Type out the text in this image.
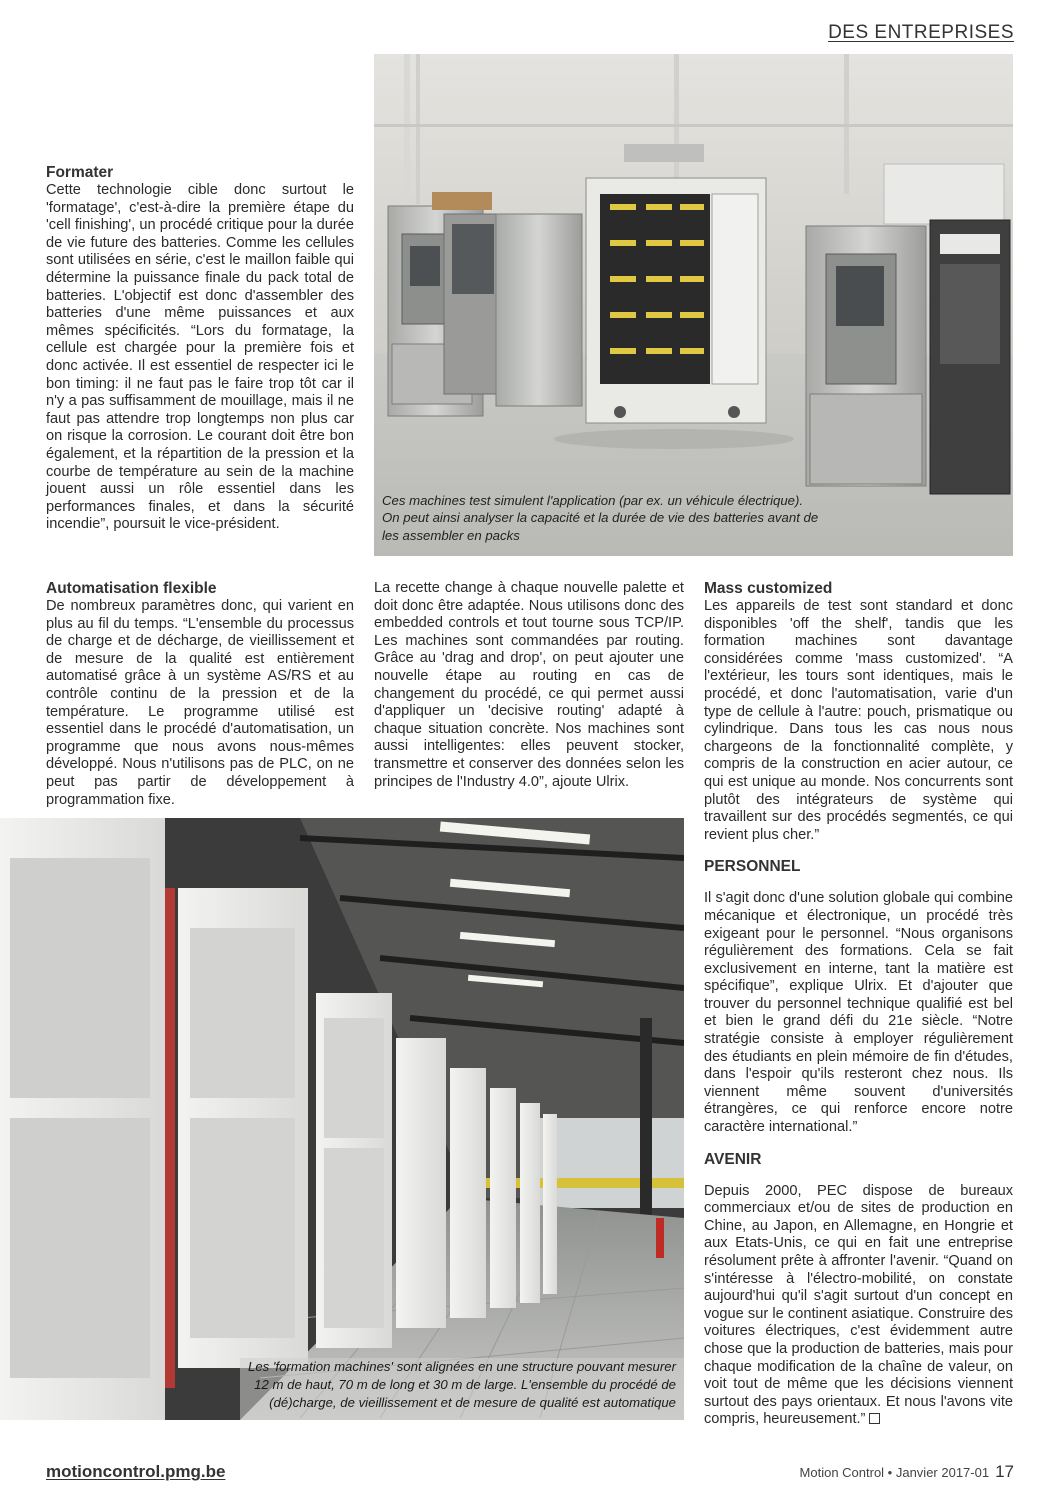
DES ENTREPRISES
Ces machines test simulent l'application (par ex. un véhicule électrique). On peut ainsi analyser la capacité et la durée de vie des batteries avant de les assembler en packs
Formater

Cette technologie cible donc surtout le 'formatage', c'est-à-dire la première étape du 'cell finishing', un procédé critique pour la durée de vie future des batteries. Comme les cellules sont utilisées en série, c'est le maillon faible qui détermine la puissance finale du pack total de batteries. L'objectif est donc d'assembler des batteries d'une même puissances et aux mêmes spécificités. “Lors du formatage, la cellule est chargée pour la première fois et donc activée. Il est essentiel de respecter ici le bon timing: il ne faut pas le faire trop tôt car il n'y a pas suffisamment de mouillage, mais il ne faut pas attendre trop longtemps non plus car on risque la corrosion. Le courant doit être bon également, et la répartition de la pression et la courbe de température au sein de la machine jouent aussi un rôle essentiel dans les performances finales, et dans la sécurité incendie”, poursuit le vice-président.

Automatisation flexible

De nombreux paramètres donc, qui varient en plus au fil du temps. “L'ensemble du processus de charge et de décharge, de vieillissement et de mesure de la qualité est entièrement automatisé grâce à un système AS/RS et au contrôle continu de la pression et de la température. Le programme utilisé est essentiel dans le procédé d'automatisation, un programme que nous avons nous-mêmes développé. Nous n'utilisons pas de PLC, on ne peut pas partir de développement à programmation fixe.

La recette change à chaque nouvelle palette et doit donc être adaptée. Nous utilisons donc des embedded controls et tout tourne sous TCP/IP. Les machines sont commandées par routing. Grâce au 'drag and drop', on peut ajouter une nouvelle étape au routing en cas de changement du procédé, ce qui permet aussi d'appliquer un 'decisive routing' adapté à chaque situation concrète. Nos machines sont aussi intelligentes: elles peuvent stocker, transmettre et conserver des données selon les principes de l'Industry 4.0”, ajoute Ulrix.

Mass customized

Les appareils de test sont standard et donc disponibles 'off the shelf', tandis que les formation machines sont davantage considérées comme 'mass customized'. “A l'extérieur, les tours sont identiques, mais le procédé, et donc l'automatisation, varie d'un type de cellule à l'autre: pouch, prismatique ou cylindrique. Dans tous les cas nous nous chargeons de la fonctionnalité complète, y compris de la construction en acier autour, ce qui est unique au monde. Nos concurrents sont plutôt des intégrateurs de système qui travaillent sur des procédés segmentés, ce qui revient plus cher.”

PERSONNEL

Il s'agit donc d'une solution globale qui combine mécanique et électronique, un procédé très exigeant pour le personnel. “Nous organisons régulièrement des formations. Cela se fait exclusivement en interne, tant la matière est spécifique”, explique Ulrix. Et d'ajouter que trouver du personnel technique qualifié est bel et bien le grand défi du 21e siècle. “Notre stratégie consiste à employer régulièrement des étudiants en plein mémoire de fin d'études, dans l'espoir qu'ils resteront chez nous. Ils viennent même souvent d'universités étrangères, ce qui renforce encore notre caractère international.”

AVENIR

Depuis 2000, PEC dispose de bureaux commerciaux et/ou de sites de production en Chine, au Japon, en Allemagne, en Hongrie et aux Etats-Unis, ce qui en fait une entreprise résolument prête à affronter l'avenir. “Quand on s'intéresse à l'électro-mobilité, on constate aujourd'hui qu'il s'agit surtout d'un concept en vogue sur le continent asiatique. Construire des voitures électriques, c'est évidemment autre chose que la production de batteries, mais pour chaque modification de la chaîne de valeur, on voit tout de même que les décisions viennent surtout des pays orientaux. Et nous l'avons vite compris, heureusement.”

Les 'formation machines' sont alignées en une structure pouvant mesurer 12 m de haut, 70 m de long et 30 m de large. L'ensemble du procédé de (dé)charge, de vieillissement et de mesure de qualité est automatique
motioncontrol.pmg.be	Motion Control • Janvier 2017-01 17
